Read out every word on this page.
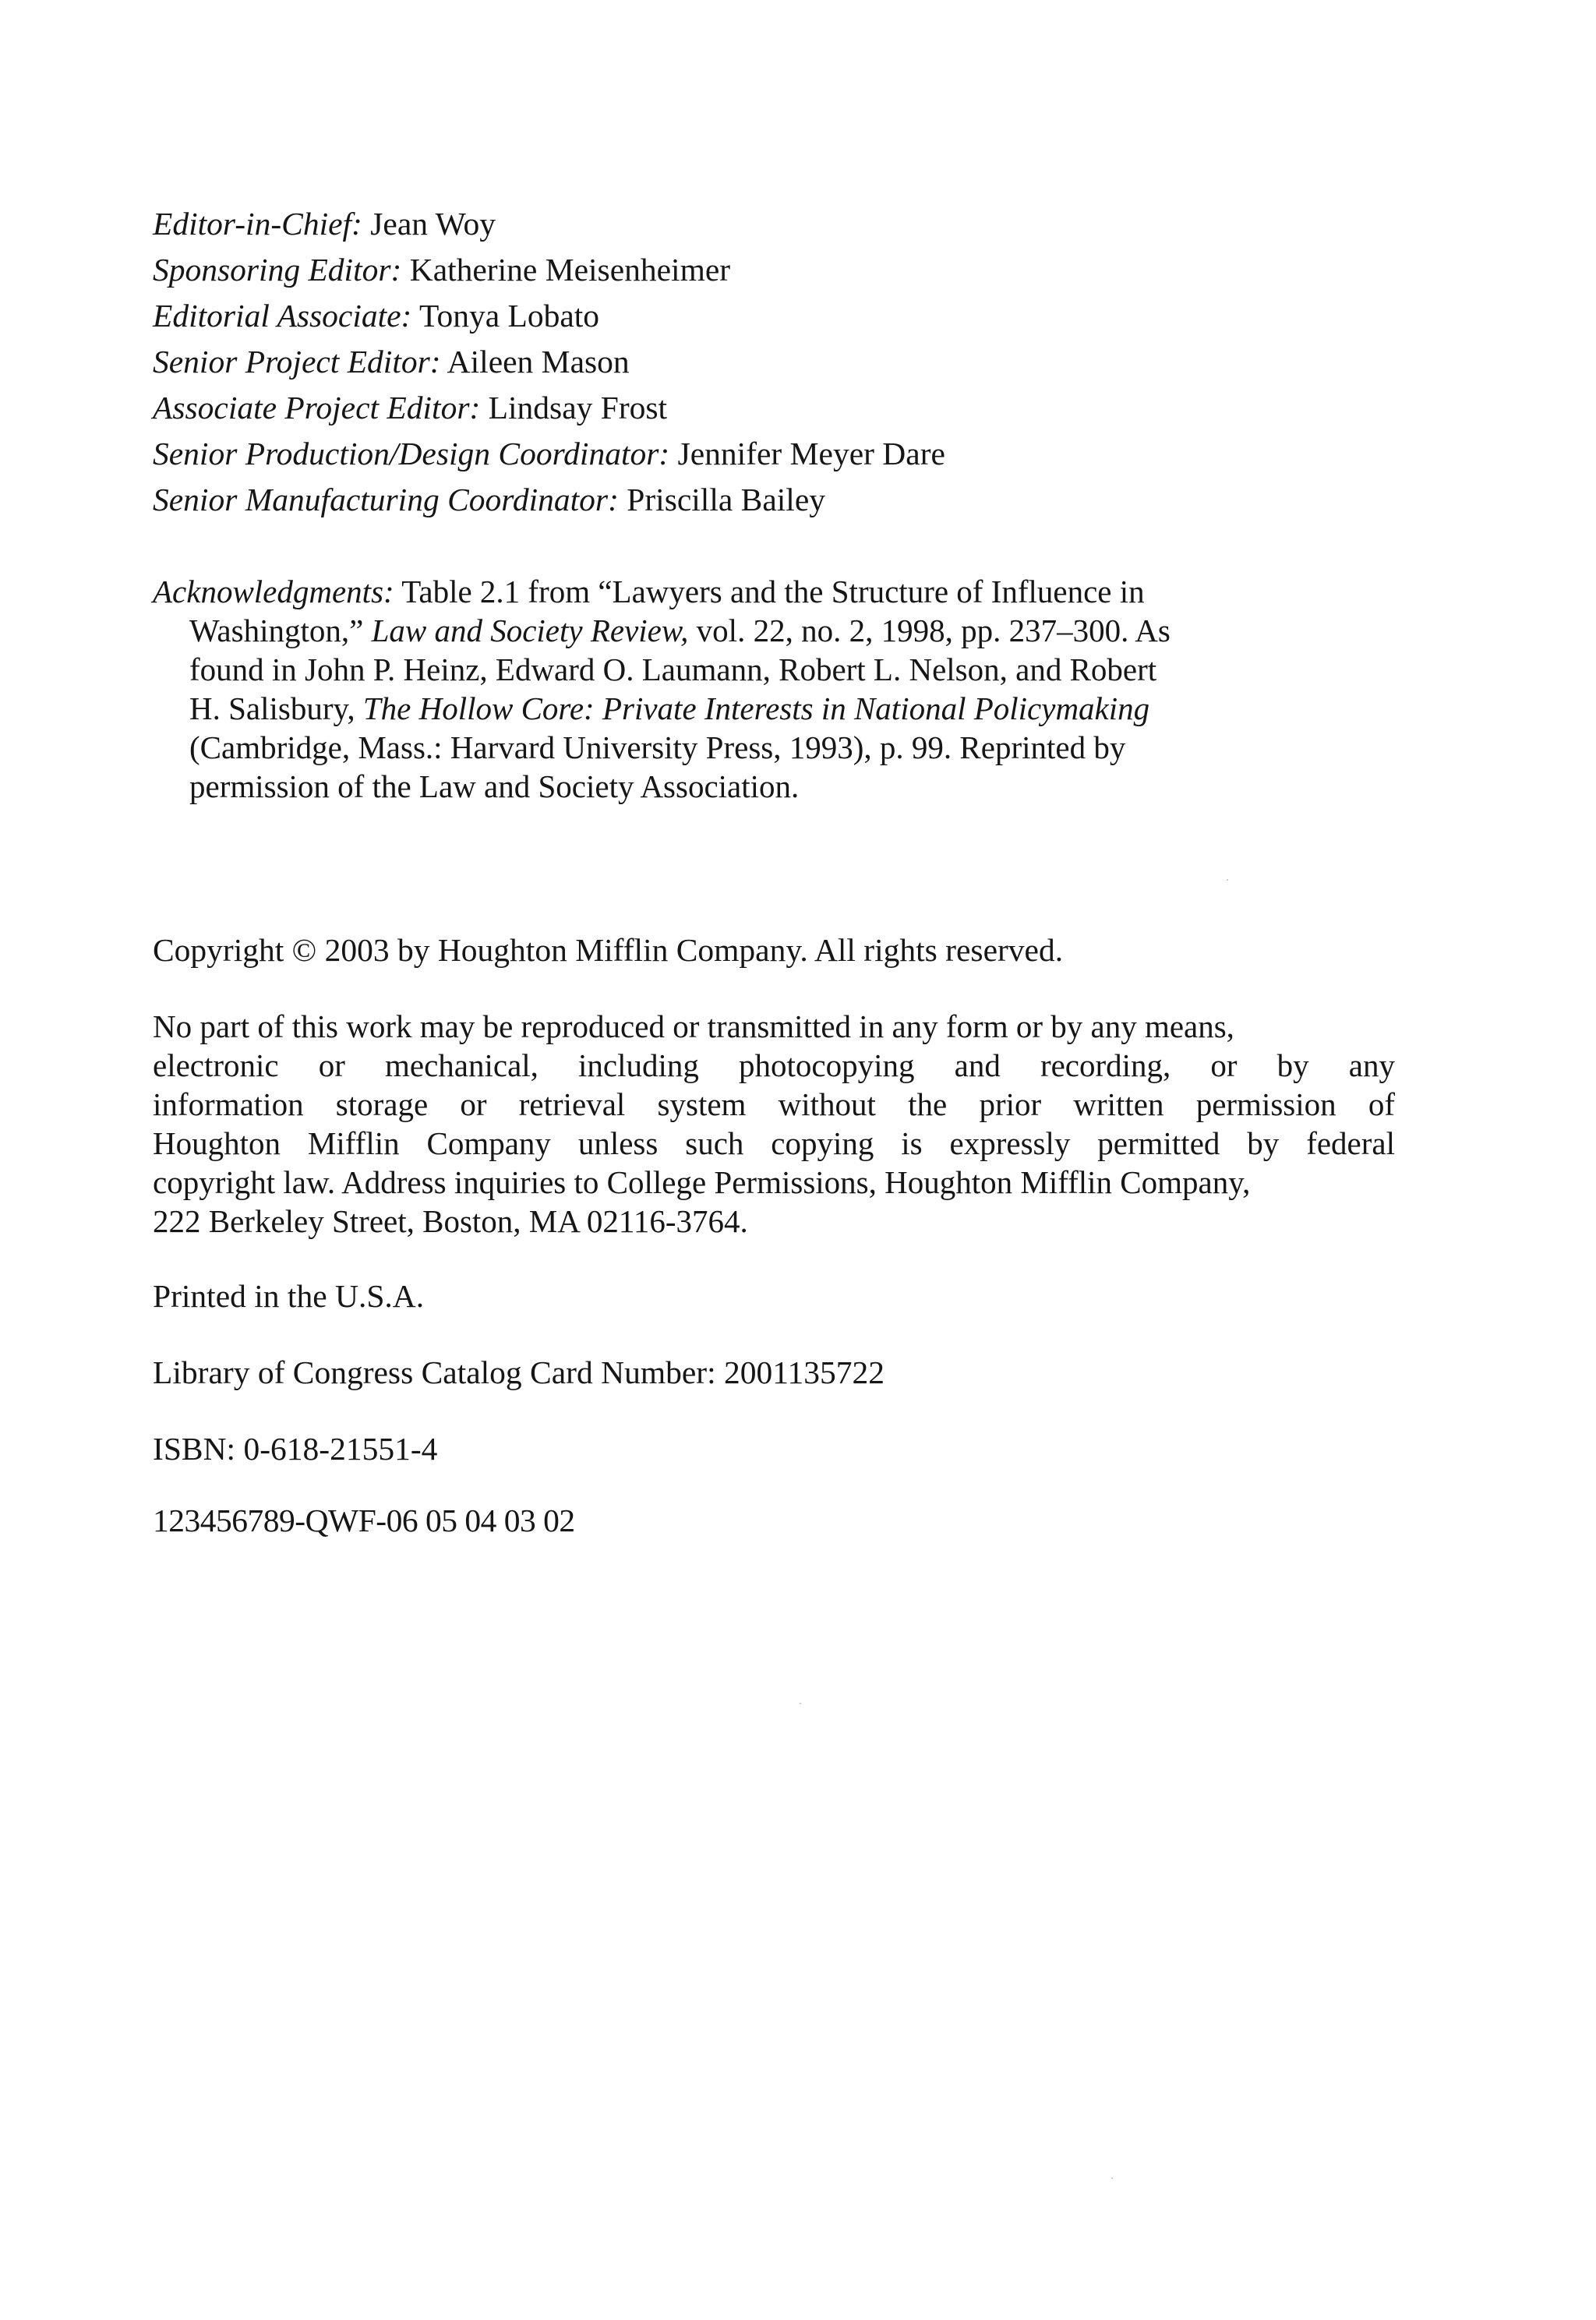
Editor-in-Chief: Jean Woy
Sponsoring Editor: Katherine Meisenheimer
Editorial Associate: Tonya Lobato
Senior Project Editor: Aileen Mason
Associate Project Editor: Lindsay Frost
Senior Production/Design Coordinator: Jennifer Meyer Dare
Senior Manufacturing Coordinator: Priscilla Bailey
Acknowledgments: Table 2.1 from “Lawyers and the Structure of Influence in
Washington,” Law and Society Review, vol. 22, no. 2, 1998, pp. 237–300. As
found in John P. Heinz, Edward O. Laumann, Robert L. Nelson, and Robert
H. Salisbury, The Hollow Core: Private Interests in National Policymaking
(Cambridge, Mass.: Harvard University Press, 1993), p. 99. Reprinted by
permission of the Law and Society Association.
Copyright © 2003 by Houghton Mifflin Company. All rights reserved.
No part of this work may be reproduced or transmitted in any form or by any means,
electronic or mechanical, including photocopying and recording, or by any
information storage or retrieval system without the prior written permission of
Houghton Mifflin Company unless such copying is expressly permitted by federal
copyright law. Address inquiries to College Permissions, Houghton Mifflin Company,
222 Berkeley Street, Boston, MA 02116-3764.
Printed in the U.S.A.
Library of Congress Catalog Card Number: 2001135722
ISBN: 0-618-21551-4
123456789-QWF-06 05 04 03 02
